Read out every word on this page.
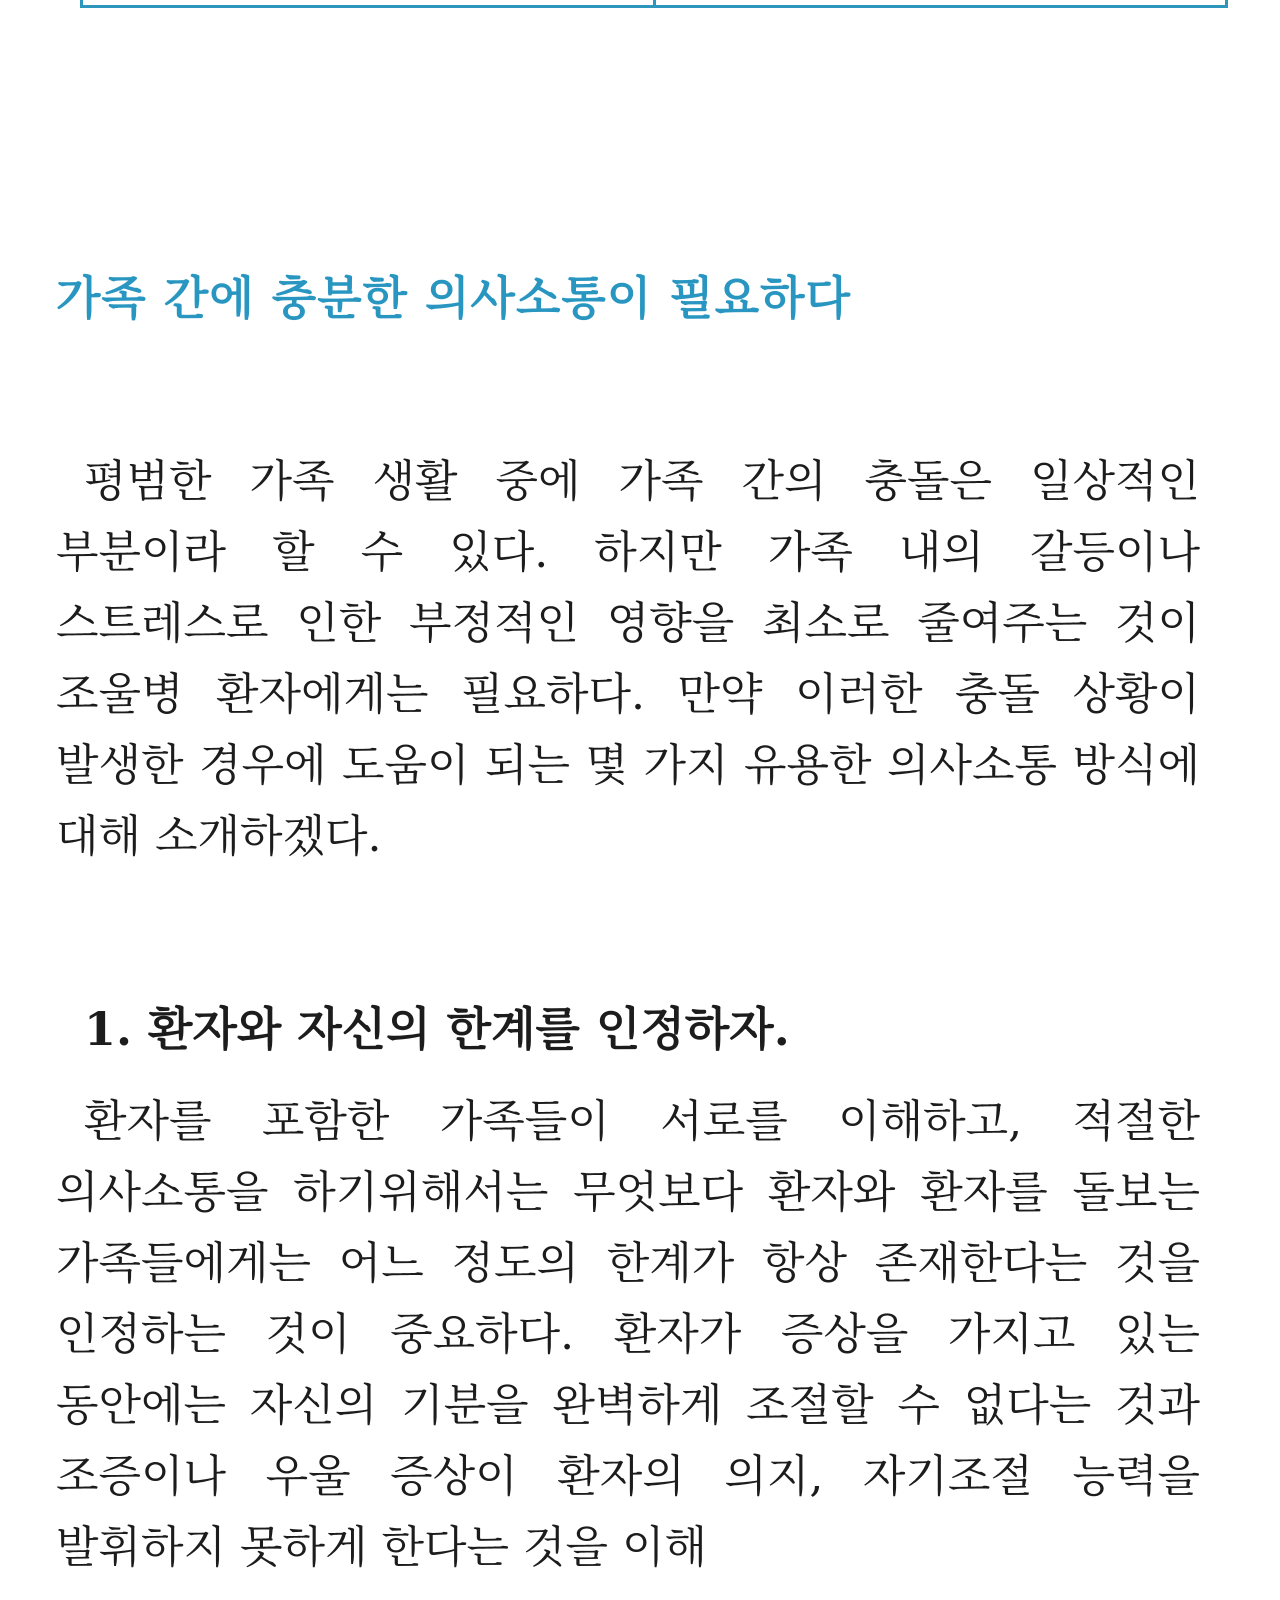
가족 간에 충분한 의사소통이 필요하다

평범한 가족 생활 중에 가족 간의 충돌은 일상적인 부분이라 할 수 있다. 하지만 가족 내의 갈등이나 스트레스로 인한 부정적인 영향을 최소로 줄여주는 것이 조울병 환자에게는 필요하다. 만약 이러한 충돌 상황이 발생한 경우에 도움이 되는 몇 가지 유용한 의사소통 방식에 대해 소개하겠다.

1. 환자와 자신의 한계를 인정하자.

환자를 포함한 가족들이 서로를 이해하고, 적절한 의사소통을 하기위해서는 무엇보다 환자와 환자를 돌보는 가족들에게는 어느 정도의 한계가 항상 존재한다는 것을 인정하는 것이 중요하다. 환자가 증상을 가지고 있는 동안에는 자신의 기분을 완벽하게 조절할 수 없다는 것과 조증이나 우울 증상이 환자의 의지, 자기조절 능력을 발휘하지 못하게 한다는 것을 이해
